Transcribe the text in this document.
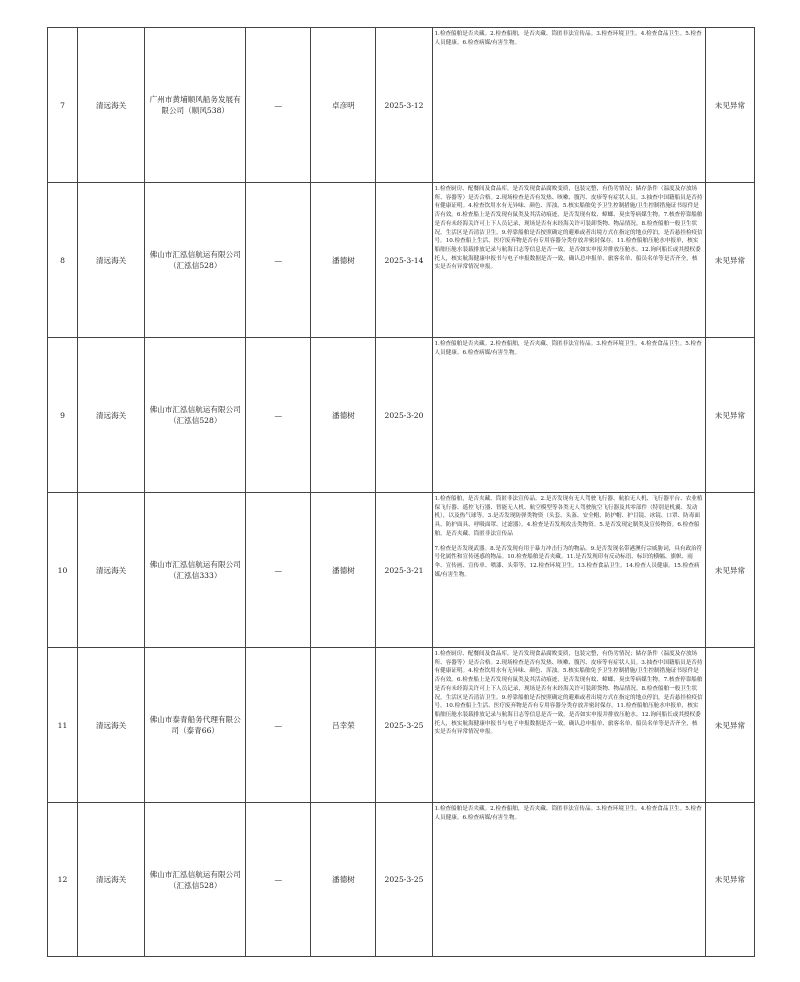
7	清远海关	广州市黄埔顺风船务发展有限公司（顺风538）	—	卓彦明	2025-3-12	1.检查船舶是否夹藏。2.检查船舶，是否夹藏、筒匿非法宣传品。3.检查环境卫生。4.检查食品卫生。5.检查人员健康。6.检查病媒/有害生物。	未见异常
8	清远海关	佛山市汇泓信航运有限公司（汇泓信528）	—	潘德树	2025-3-14	1.检查厨房、配餐间及食品库，是否发现食品腐败变质，包装完整，有伪劣情况；储存条件（温度及存放场所、容器等）是否合格。2.现场检查是否有发热、咳嗽、腹泻、皮疹等有症状人员。3.抽查中国籍船员是否持有健康证明。4.检查饮用水有无异味、颜色、浑浊。5.核实船舶免予卫生控制措施/卫生控制措施证书原件是否有效。6.检查船上是否发现有鼠类及其活动痕迹，是否发现有蚊、蟑螂、臭虫等病媒生物。7.核查停靠船舶是否有未经海关许可上下人员记录，现场是否有未经海关许可装卸货物、物品情况。8.检查船舶一般卫生状况，生活区是否清洁卫生。9.停靠船舶是否按照确定的避难或者出境方式在指定的地点停泊，是否悬挂检疫信号。10.检查船上生活、医疗废弃物是否有专用容器分类存放并密封保存。11.检查船舶压舱水申报单，核实船舶压舱水装载排放记录与航海日志等信息是否一致，是否如实申报并排放压舱水。12.询问船长或其授权委托人，核实航海健康申报书与电子申报数据是否一致，确认总申报单、旅客名单、船员名单等是否齐全，核实是否有异常情况申报。	未见异常
9	清远海关	佛山市汇泓信航运有限公司（汇泓信528）	—	潘德树	2025-3-20	1.检查船舶是否夹藏。2.检查船舶，是否夹藏、筒匿非法宣传品。3.检查环境卫生。4.检查食品卫生。5.检查人员健康。6.检查病媒/有害生物。	未见异常
10	清远海关	佛山市汇泓信航运有限公司（汇泓信333）	—	潘德树	2025-3-21	1.检查船舶，是否夹藏、筒匿非法宣传品。2.是否发现有无人驾驶飞行器、航拍无人机、飞行器平台、农业植保飞行器、遥控飞行器、智能无人机、航空模型等各类无人驾驶航空飞行器及其零部件（特别是机翼、发动机），以及热气球等。3.是否发现防弹类物资（头套、头盔、安全帽、防护帽、护目镜、冰镜、口罩、防毒面具、防护面具、呼吸面罩、过滤器）。4.检查是否发现攻击类物资。5.是否发现定制类及宣传物资。6.检查船舶，是否夹藏、筒匿非法宣传品
7.检查是否发现武器。8.是否发现有用于暴力冲击行为的物品。9.是否发现名带港澳行宗威胁词，具有政治符号化属性和宣传迷惑的物品。10.检查船舶是否夹藏。11.是否发现印有反动标语、标识的横幅、旗帜、雨伞、宣传画、宣传单、喷漆、头带等。12.检查环境卫生。13.检查食品卫生。14.检查人员健康。15.检查病媒/有害生物。	未见异常
11	清远海关	佛山市泰青船务代理有限公司（泰青66）	—	吕幸荣	2025-3-25	1.检查厨房、配餐间及食品库，是否发现食品腐败变质，包装完整，有伪劣情况；储存条件（温度及存放场所、容器等）是否合格。2.现场检查是否有发热、咳嗽、腹泻、皮疹等有症状人员。3.抽查中国籍船员是否持有健康证明。4.检查饮用水有无异味、颜色、浑浊。5.核实船舶免予卫生控制措施/卫生控制措施证书原件是否有效。6.检查船上是否发现有鼠类及其活动痕迹，是否发现有蚊、蟑螂、臭虫等病媒生物。7.核查停靠船舶是否有未经海关许可上下人员记录，现场是否有未经海关许可装卸货物、物品情况。8.检查船舶一般卫生状况，生活区是否清洁卫生。9.停靠船舶是否按照确定的避难或者出境方式在指定的地点停泊，是否悬挂检疫信号。10.检查船上生活、医疗废弃物是否有专用容器分类存放并密封保存。11.检查船舶压舱水申报单，核实船舶压舱水装载排放记录与航海日志等信息是否一致，是否如实申报并排放压舱水。12.询问船长或其授权委托人，核实航海健康申报书与电子申报数据是否一致，确认总申报单、旅客名单、船员名单等是否齐全，核实是否有异常情况申报。	未见异常
12	清远海关	佛山市汇泓信航运有限公司（汇泓信528）	—	潘德树	2025-3-25	1.检查船舶是否夹藏。2.检查船舶，是否夹藏、筒匿非法宣传品。3.检查环境卫生。4.检查食品卫生。5.检查人员健康。6.检查病媒/有害生物。	未见异常
